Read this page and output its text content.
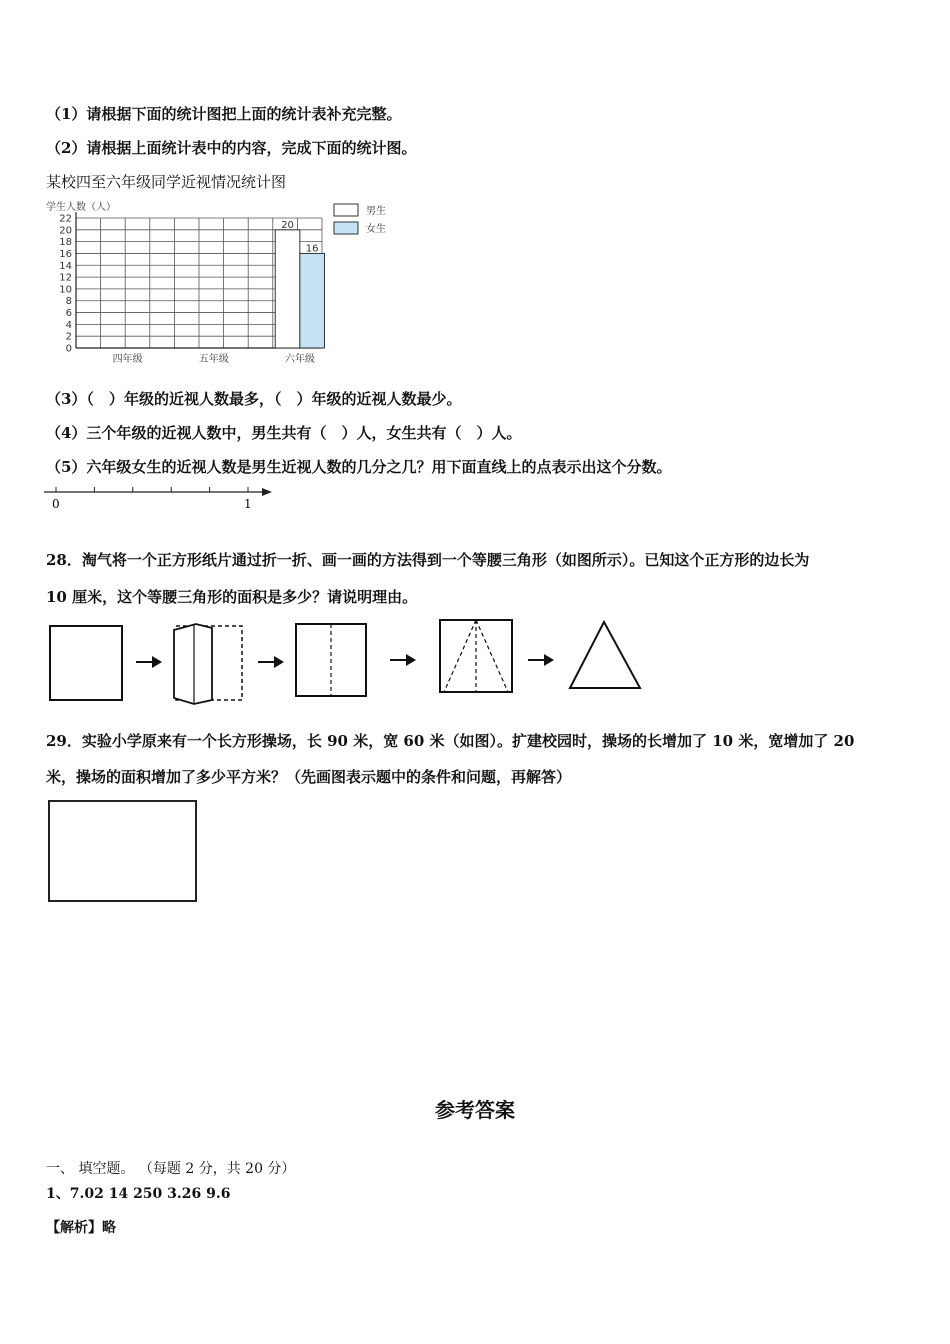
（1）请根据下面的统计图把上面的统计表补充完整。
（2）请根据上面统计表中的内容，完成下面的统计图。
某校四至六年级同学近视情况统计图
学生人数（人）
20
16
0
2
4
6
8
10
12
14
16
18
20
22
四年级	五年级	六年级
男生
女生
（3）（　）年级的近视人数最多，（　）年级的近视人数最少。
（4）三个年级的近视人数中，男生共有（　）人，女生共有（　）人。
（5）六年级女生的近视人数是男生近视人数的几分之几？用下面直线上的点表示出这个分数。
0	1
28．淘气将一个正方形纸片通过折一折、画一画的方法得到一个等腰三角形（如图所示）。已知这个正方形的边长为
10 厘米，这个等腰三角形的面积是多少？请说明理由。
29．实验小学原来有一个长方形操场，长 90 米，宽 60 米（如图）。扩建校园时，操场的长增加了 10 米，宽增加了 20
米，操场的面积增加了多少平方米？（先画图表示题中的条件和问题，再解答）
参考答案
一、 填空题。 （每题 2 分，共 20 分）
1、7.02 14 250 3.26 9.6
【解析】略
